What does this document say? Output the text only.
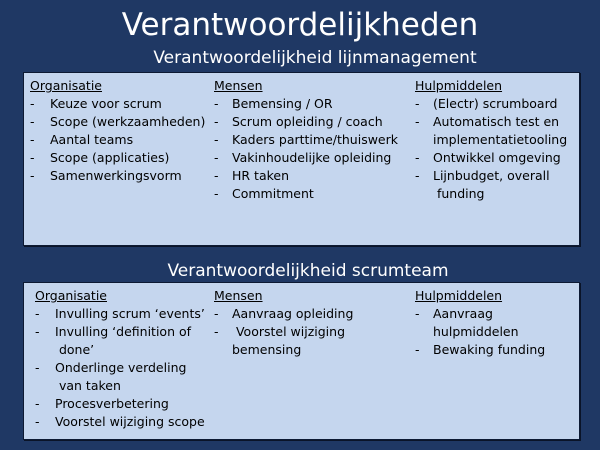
Verantwoordelijkheden
Verantwoordelijkheid lijnmanagement
Organisatie
- Keuze voor scrum
- Scope (werkzaamheden)
- Aantal teams
- Scope (applicaties)
- Samenwerkingsvorm
Mensen
- Bemensing / OR
- Scrum opleiding / coach
- Kaders parttime/thuiswerk
- Vakinhoudelijke opleiding
- HR taken
- Commitment
Hulpmiddelen
- (Electr) scrumboard
- Automatisch test en
implementatietooling
- Ontwikkel omgeving
- Lijnbudget, overall
funding
Verantwoordelijkheid scrumteam
Organisatie
- Invulling scrum ‘events’
- Invulling ‘definition of
done’
- Onderlinge verdeling
van taken
- Procesverbetering
- Voorstel wijziging scope
Mensen
- Aanvraag opleiding
-  Voorstel wijziging
bemensing
Hulpmiddelen
- Aanvraag
hulpmiddelen
- Bewaking funding
